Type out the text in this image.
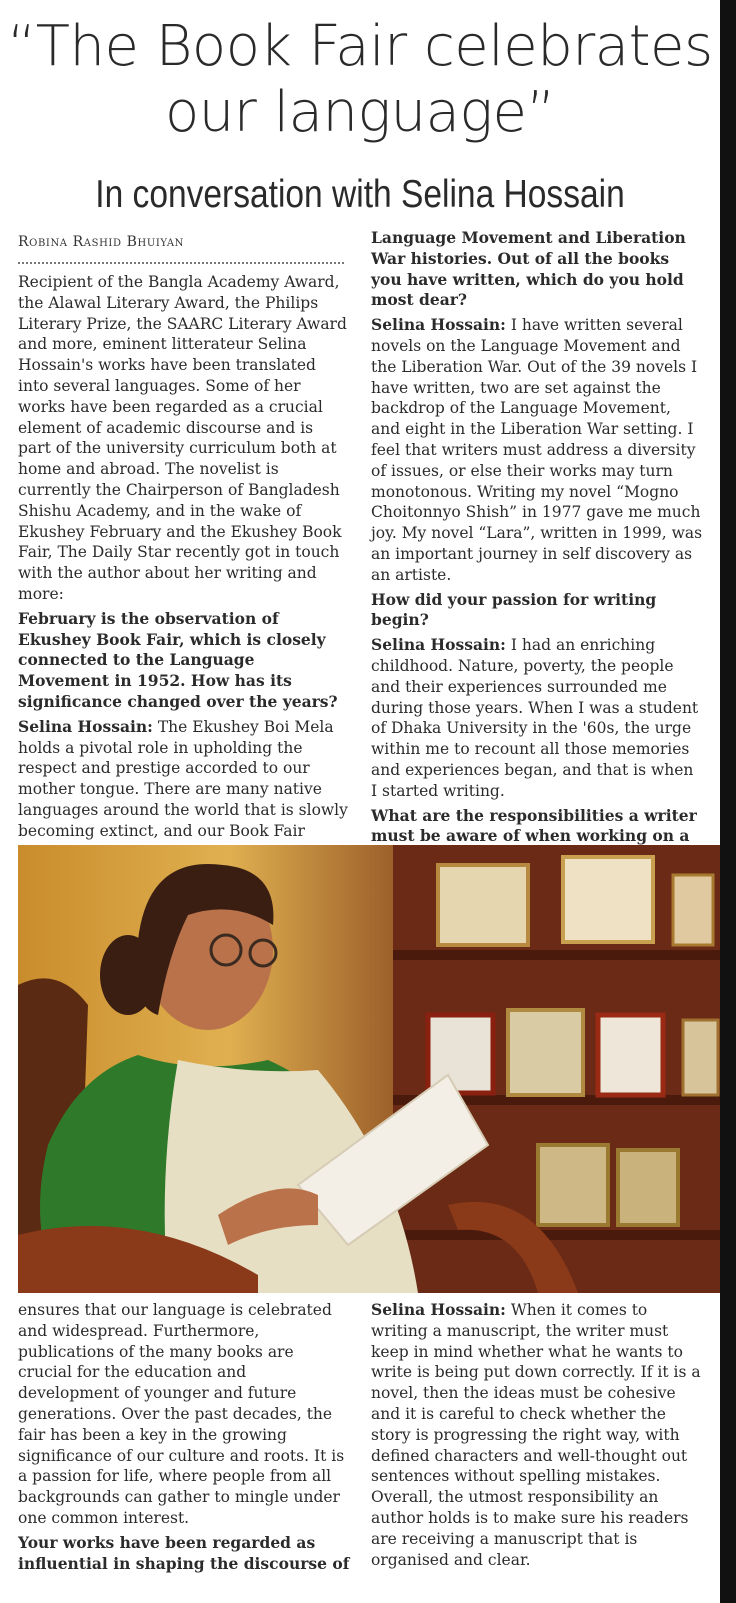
“The Book Fair celebrates
our language”
In conversation with Selina Hossain
Robina Rashid Bhuiyan

Recipient of the Bangla Academy Award, the Alawal Literary Award, the Philips Literary Prize, the SAARC Literary Award and more, eminent litterateur Selina Hossain's works have been translated into several languages. Some of her works have been regarded as a crucial element of academic discourse and is part of the university curriculum both at home and abroad. The novelist is currently the Chairperson of Bangladesh Shishu Academy, and in the wake of Ekushey February and the Ekushey Book Fair, The Daily Star recently got in touch with the author about her writing and more:

February is the observation of Ekushey Book Fair, which is closely connected to the Language Movement in 1952. How has its significance changed over the years?

Selina Hossain: The Ekushey Boi Mela holds a pivotal role in upholding the respect and prestige accorded to our mother tongue. There are many native languages around the world that is slowly becoming extinct, and our Book Fair

Language Movement and Liberation War histories. Out of all the books you have written, which do you hold most dear?

Selina Hossain: I have written several novels on the Language Movement and the Liberation War. Out of the 39 novels I have written, two are set against the backdrop of the Language Movement, and eight in the Liberation War setting. I feel that writers must address a diversity of issues, or else their works may turn monotonous. Writing my novel “Mogno Choitonnyo Shish” in 1977 gave me much joy. My novel “Lara”, written in 1999, was an important journey in self discovery as an artiste.

How did your passion for writing begin?

Selina Hossain: I had an enriching childhood. Nature, poverty, the people and their experiences surrounded me during those years. When I was a student of Dhaka University in the '60s, the urge within me to recount all those memories and experiences began, and that is when I started writing.

What are the responsibilities a writer must be aware of when working on a

ensures that our language is celebrated and widespread. Furthermore, publications of the many books are crucial for the education and development of younger and future generations. Over the past decades, the fair has been a key in the growing significance of our culture and roots. It is a passion for life, where people from all backgrounds can gather to mingle under one common interest.

Your works have been regarded as influential in shaping the discourse of

Selina Hossain: When it comes to writing a manuscript, the writer must keep in mind whether what he wants to write is being put down correctly. If it is a novel, then the ideas must be cohesive and it is careful to check whether the story is progressing the right way, with defined characters and well-thought out sentences without spelling mistakes. Overall, the utmost responsibility an author holds is to make sure his readers are receiving a manuscript that is organised and clear.
